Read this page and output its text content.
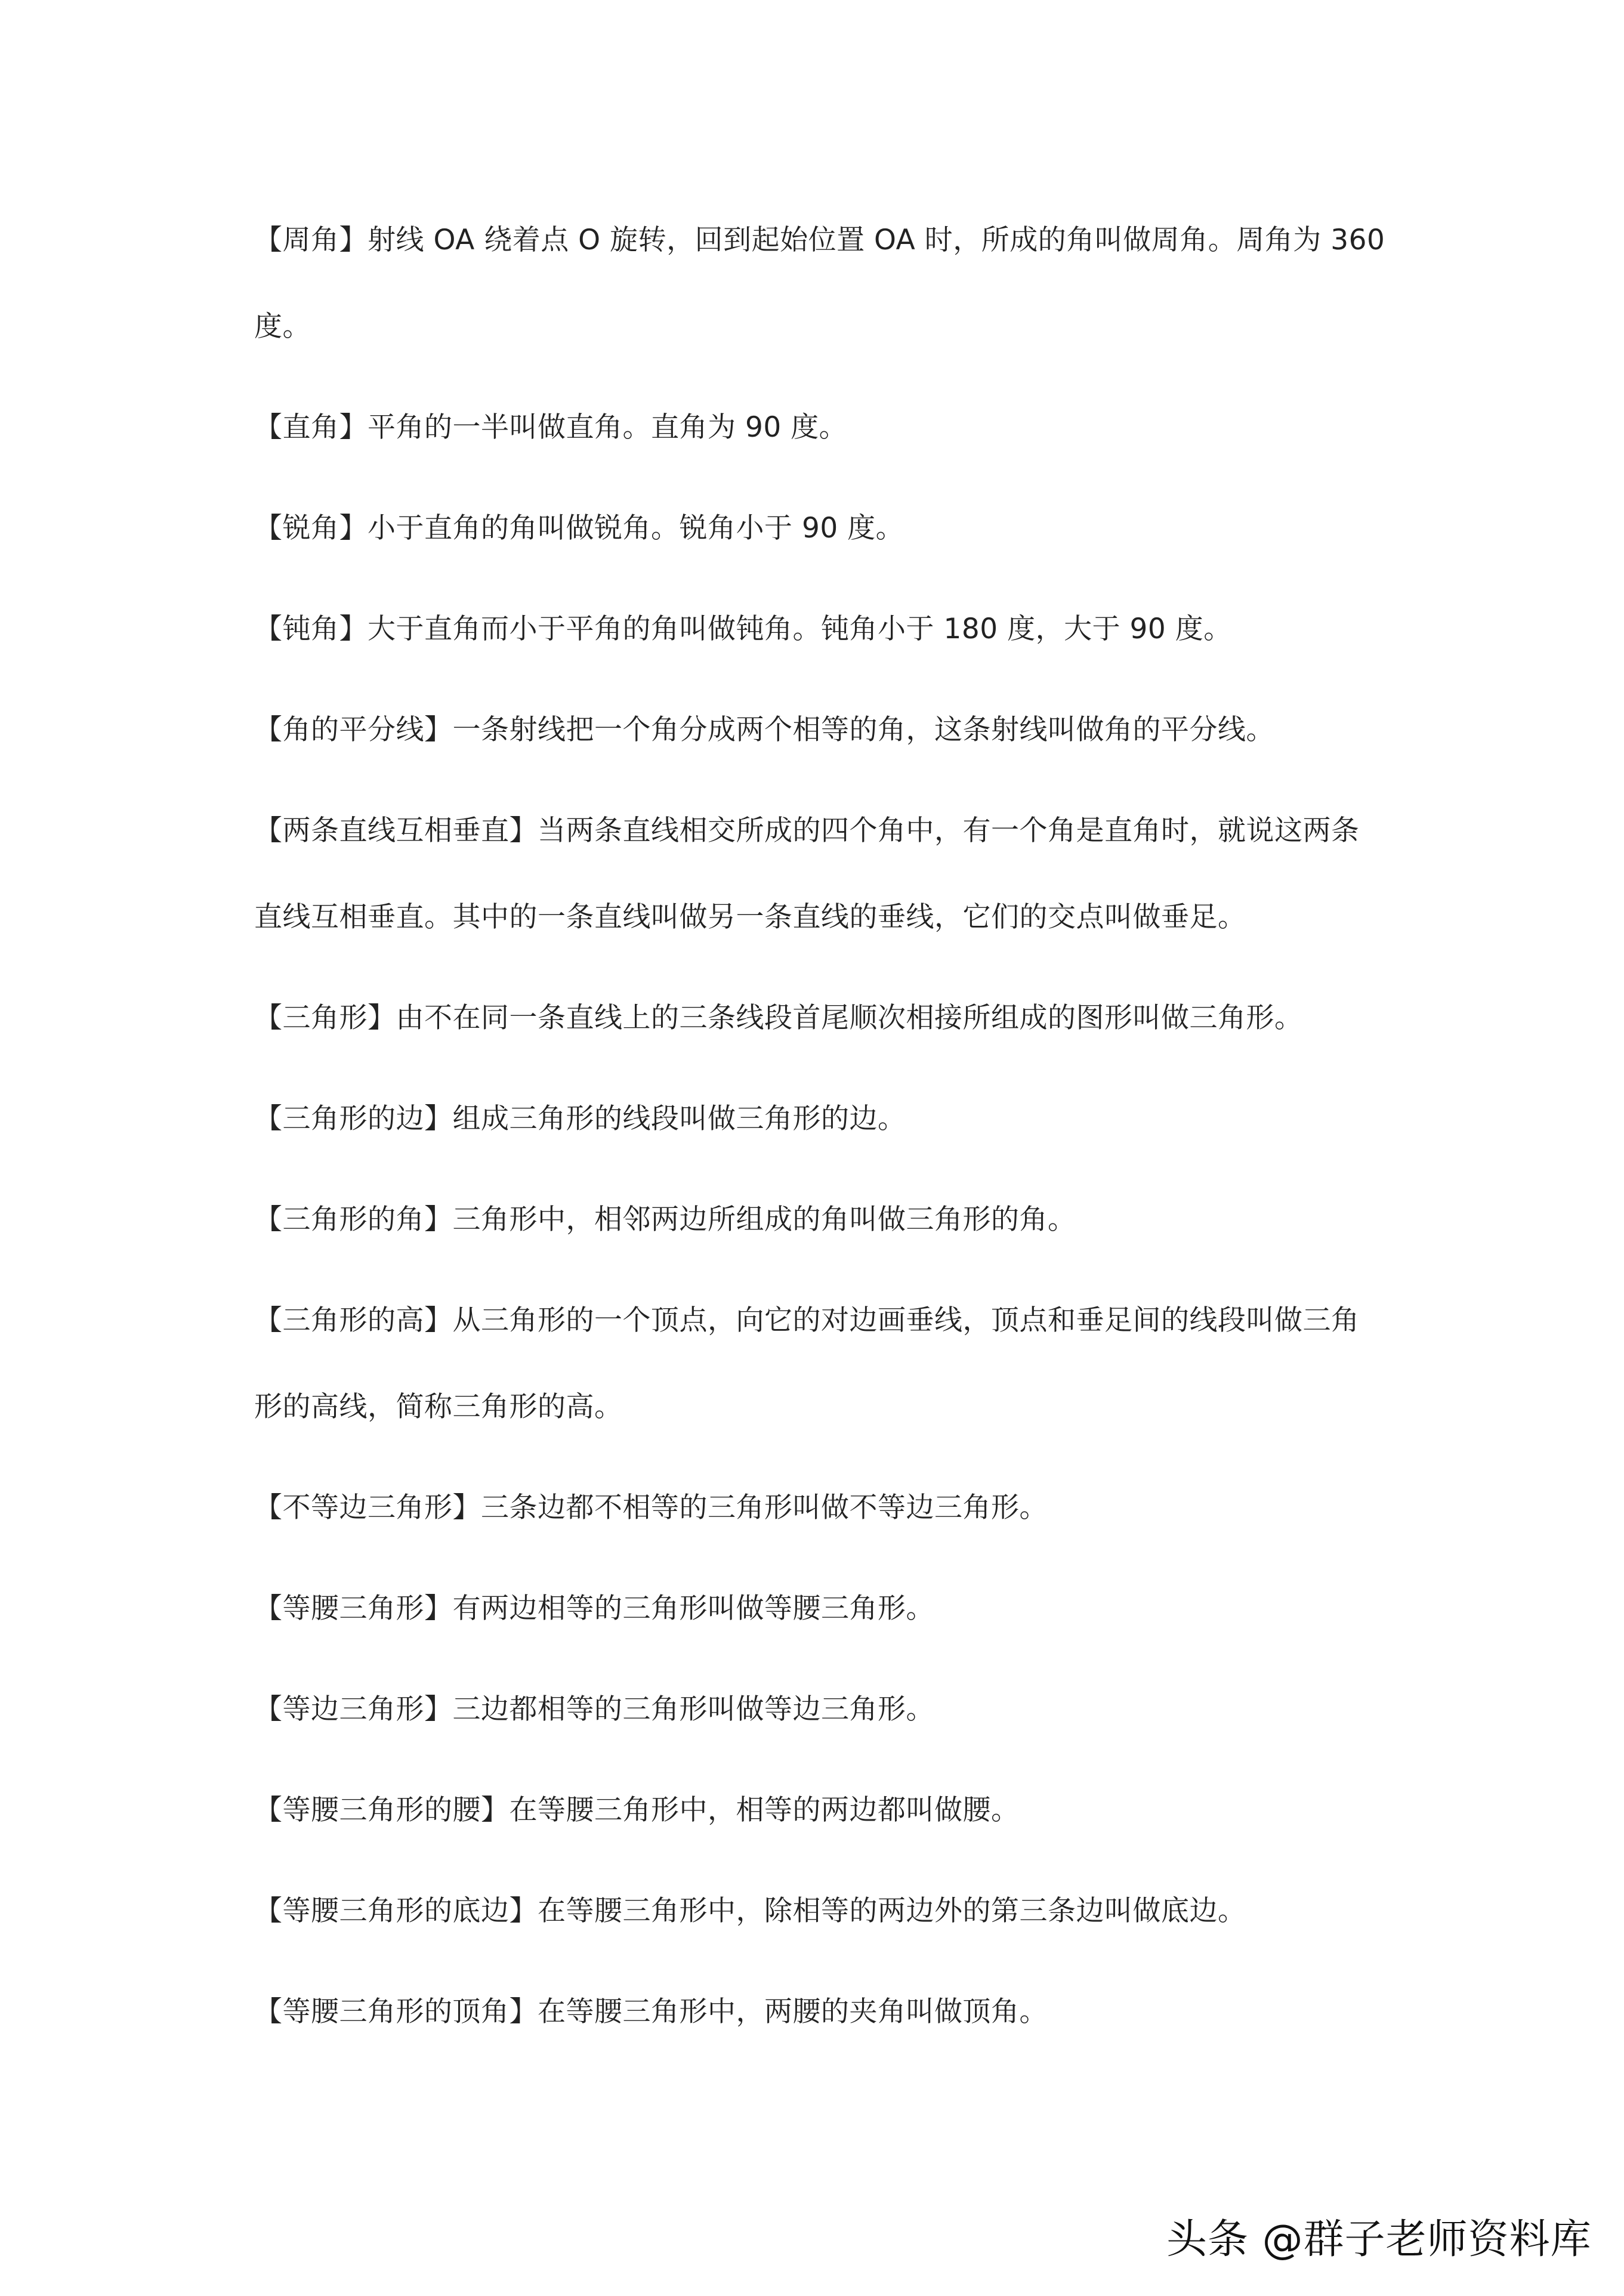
【周角】射线 OA 绕着点 O 旋转，回到起始位置 OA 时，所成的角叫做周角。周角为 360
度。
【直角】平角的一半叫做直角。直角为 90 度。
【锐角】小于直角的角叫做锐角。锐角小于 90 度。
【钝角】大于直角而小于平角的角叫做钝角。钝角小于 180 度，大于 90 度。
【角的平分线】一条射线把一个角分成两个相等的角，这条射线叫做角的平分线。
【两条直线互相垂直】当两条直线相交所成的四个角中，有一个角是直角时，就说这两条
直线互相垂直。其中的一条直线叫做另一条直线的垂线，它们的交点叫做垂足。
【三角形】由不在同一条直线上的三条线段首尾顺次相接所组成的图形叫做三角形。
【三角形的边】组成三角形的线段叫做三角形的边。
【三角形的角】三角形中，相邻两边所组成的角叫做三角形的角。
【三角形的高】从三角形的一个顶点，向它的对边画垂线，顶点和垂足间的线段叫做三角
形的高线，简称三角形的高。
【不等边三角形】三条边都不相等的三角形叫做不等边三角形。
【等腰三角形】有两边相等的三角形叫做等腰三角形。
【等边三角形】三边都相等的三角形叫做等边三角形。
【等腰三角形的腰】在等腰三角形中，相等的两边都叫做腰。
【等腰三角形的底边】在等腰三角形中，除相等的两边外的第三条边叫做底边。
【等腰三角形的顶角】在等腰三角形中，两腰的夹角叫做顶角。
头条 @群子老师资料库
